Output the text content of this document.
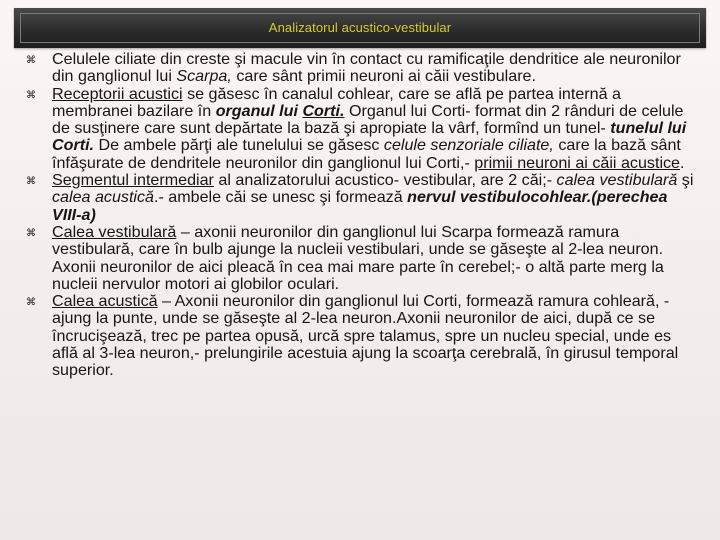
Analizatorul acustico-vestibular
⌘ Celulele ciliate din creste şi macule vin în contact cu ramificaţile dendritice ale neuronilor din ganglionul lui Scarpa, care sânt primii neuroni ai căii vestibulare.
⌘ Receptorii acustici se găsesc în canalul cohlear, care se află pe partea internă a membranei bazilare în organul lui Corti. Organul lui Corti- format din 2 rânduri de celule de susţinere care sunt depărtate la bază şi apropiate la vârf, formînd un tunel- tunelul lui Corti. De ambele părţi ale tunelului se găsesc celule senzoriale ciliate, care la bază sânt înfăşurate de dendritele neuronilor din ganglionul lui Corti,- primii neuroni ai căii acustice.
⌘ Segmentul intermediar al analizatorului acustico- vestibular, are 2 căi;- calea vestibulară şi calea acustică.- ambele căi se unesc şi formează nervul vestibulocohlear.(perechea VIII-a)
⌘ Calea vestibulară – axonii neuronilor din ganglionul lui Scarpa formează ramura vestibulară, care în bulb ajunge la nucleii vestibulari, unde se găseşte al 2-lea neuron. Axonii neuronilor de aici pleacă în cea mai mare parte în cerebel;- o altă parte merg la nucleii nervulor motori ai globilor oculari.
⌘ Calea acustică – Axonii neuronilor din ganglionul lui Corti, formează ramura cohleară, - ajung la punte, unde se găseşte al 2-lea neuron.Axonii neuronilor de aici, după ce se încrucişează, trec pe partea opusă, urcă spre talamus, spre un nucleu special, unde es află al 3-lea neuron,- prelungirile acestuia ajung la scoarţa cerebrală, în girusul temporal superior.
